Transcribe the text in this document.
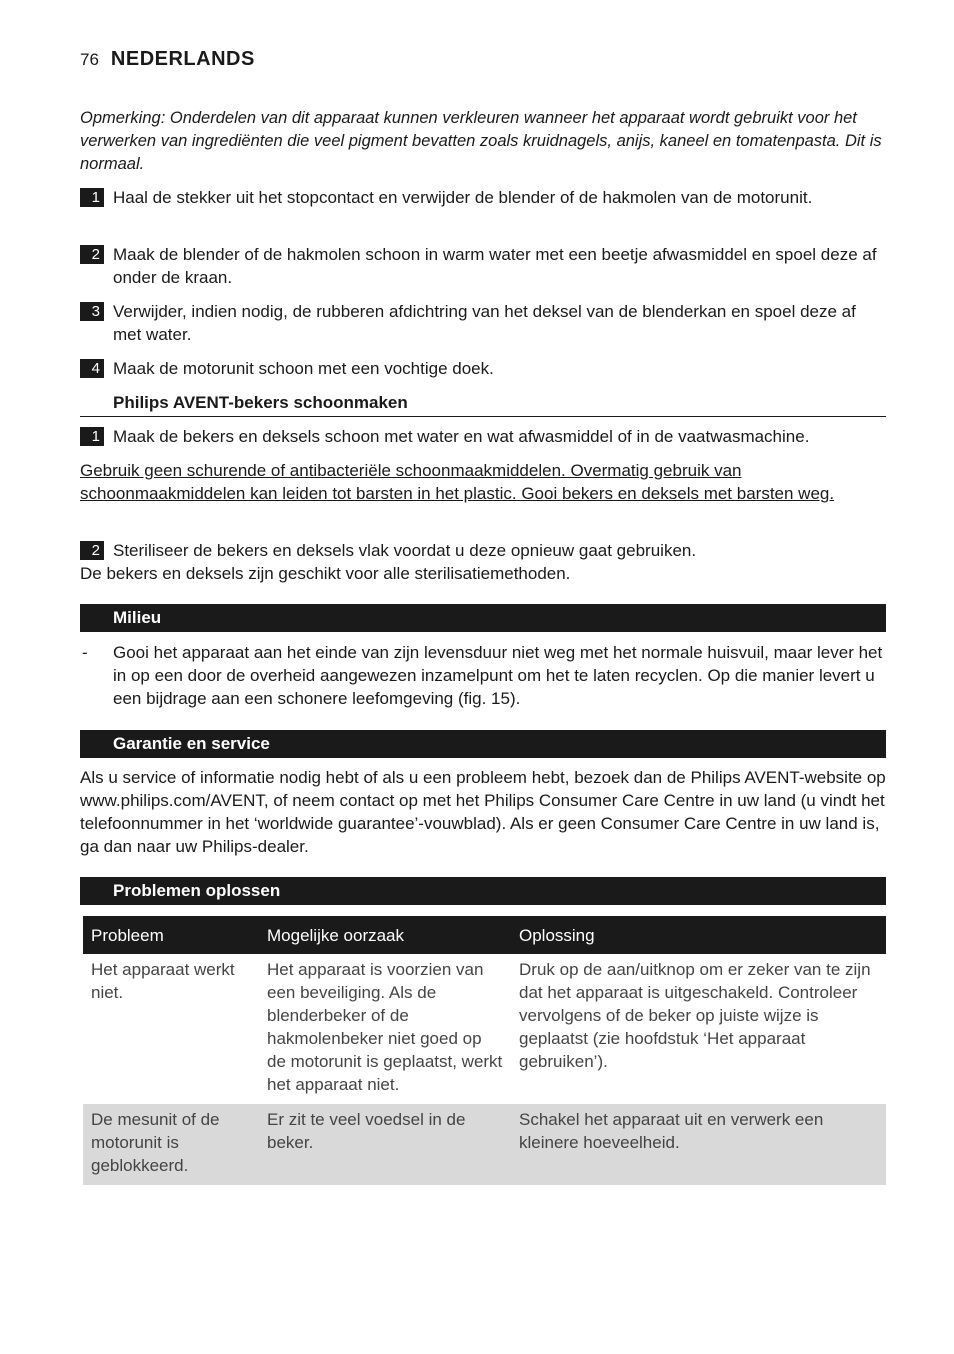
76 NEDERLANDS
Opmerking: Onderdelen van dit apparaat kunnen verkleuren wanneer het apparaat wordt gebruikt voor het verwerken van ingrediënten die veel pigment bevatten zoals kruidnagels, anijs, kaneel en tomatenpasta. Dit is normaal.
1 Haal de stekker uit het stopcontact en verwijder de blender of de hakmolen van de motorunit.
2 Maak de blender of de hakmolen schoon in warm water met een beetje afwasmiddel en spoel deze af onder de kraan.
3 Verwijder, indien nodig, de rubberen afdichtring van het deksel van de blenderkan en spoel deze af met water.
4 Maak de motorunit schoon met een vochtige doek.
Philips AVENT-bekers schoonmaken
1 Maak de bekers en deksels schoon met water en wat afwasmiddel of in de vaatwasmachine.
Gebruik geen schurende of antibacteriële schoonmaakmiddelen. Overmatig gebruik van schoonmaakmiddelen kan leiden tot barsten in het plastic. Gooi bekers en deksels met barsten weg.
2 Steriliseer de bekers en deksels vlak voordat u deze opnieuw gaat gebruiken.
De bekers en deksels zijn geschikt voor alle sterilisatiemethoden.
Milieu
- Gooi het apparaat aan het einde van zijn levensduur niet weg met het normale huisvuil, maar lever het in op een door de overheid aangewezen inzamelpunt om het te laten recyclen. Op die manier levert u een bijdrage aan een schonere leefomgeving (fig. 15).
Garantie en service
Als u service of informatie nodig hebt of als u een probleem hebt, bezoek dan de Philips AVENT-website op www.philips.com/AVENT, of neem contact op met het Philips Consumer Care Centre in uw land (u vindt het telefoonnummer in het ‘worldwide guarantee’-vouwblad). Als er geen Consumer Care Centre in uw land is, ga dan naar uw Philips-dealer.
Problemen oplossen
Probleem	Mogelijke oorzaak	Oplossing
Het apparaat werkt niet.	Het apparaat is voorzien van een beveiliging. Als de blenderbeker of de hakmolenbeker niet goed op de motorunit is geplaatst, werkt het apparaat niet.	Druk op de aan/uitknop om er zeker van te zijn dat het apparaat is uitgeschakeld. Controleer vervolgens of de beker op juiste wijze is geplaatst (zie hoofdstuk ‘Het apparaat gebruiken’).
De mesunit of de motorunit is geblokkeerd.	Er zit te veel voedsel in de beker.	Schakel het apparaat uit en verwerk een kleinere hoeveelheid.
